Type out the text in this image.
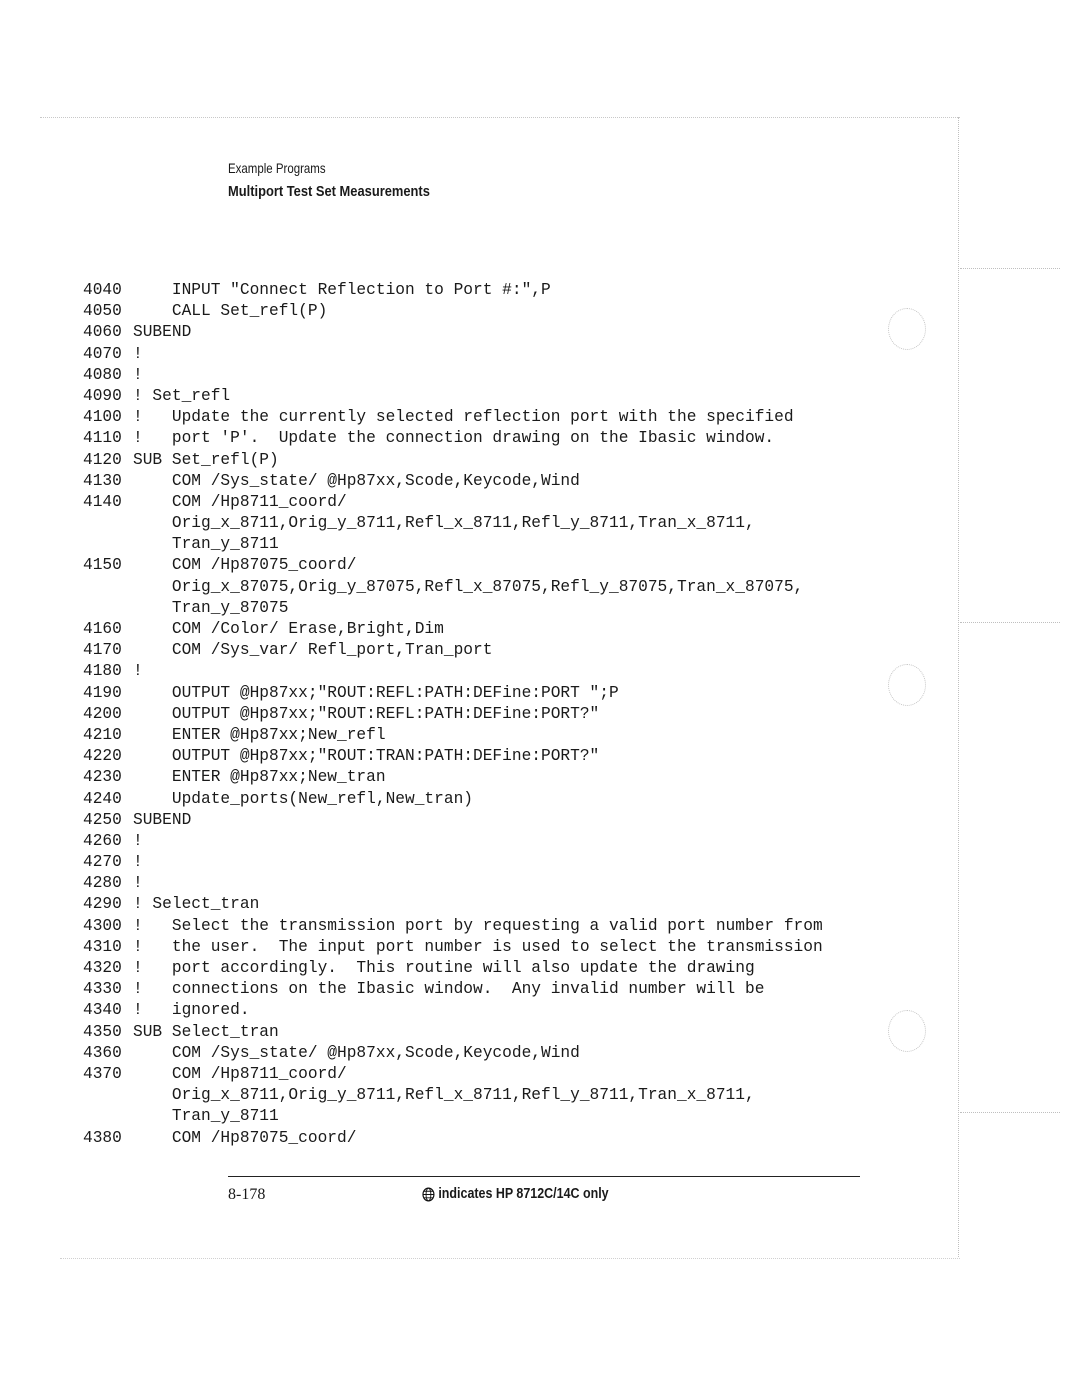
Example Programs
Multiport Test Set Measurements
4040    INPUT "Connect Reflection to Port #:",P
4050    CALL Set_refl(P)
4060 SUBEND
4070 !
4080 !
4090 ! Set_refl
4100 !   Update the currently selected reflection port with the specified
4110 !   port 'P'.  Update the connection drawing on the Ibasic window.
4120 SUB Set_refl(P)
4130    COM /Sys_state/ @Hp87xx,Scode,Keycode,Wind
4140    COM /Hp8711_coord/
Orig_x_8711,Orig_y_8711,Refl_x_8711,Refl_y_8711,Tran_x_8711,
Tran_y_8711
4150    COM /Hp87075_coord/
Orig_x_87075,Orig_y_87075,Refl_x_87075,Refl_y_87075,Tran_x_87075,
Tran_y_87075
4160    COM /Color/ Erase,Bright,Dim
4170    COM /Sys_var/ Refl_port,Tran_port
4180 !
4190    OUTPUT @Hp87xx;"ROUT:REFL:PATH:DEFine:PORT ";P
4200    OUTPUT @Hp87xx;"ROUT:REFL:PATH:DEFine:PORT?"
4210    ENTER @Hp87xx;New_refl
4220    OUTPUT @Hp87xx;"ROUT:TRAN:PATH:DEFine:PORT?"
4230    ENTER @Hp87xx;New_tran
4240    Update_ports(New_refl,New_tran)
4250 SUBEND
4260 !
4270 !
4280 !
4290 ! Select_tran
4300 !   Select the transmission port by requesting a valid port number from
4310 !   the user.  The input port number is used to select the transmission
4320 !   port accordingly.  This routine will also update the drawing
4330 !   connections on the Ibasic window.  Any invalid number will be
4340 !   ignored.
4350 SUB Select_tran
4360    COM /Sys_state/ @Hp87xx,Scode,Keycode,Wind
4370    COM /Hp8711_coord/
Orig_x_8711,Orig_y_8711,Refl_x_8711,Refl_y_8711,Tran_x_8711,
Tran_y_8711
4380    COM /Hp87075_coord/
8-178	indicates HP 8712C/14C only
